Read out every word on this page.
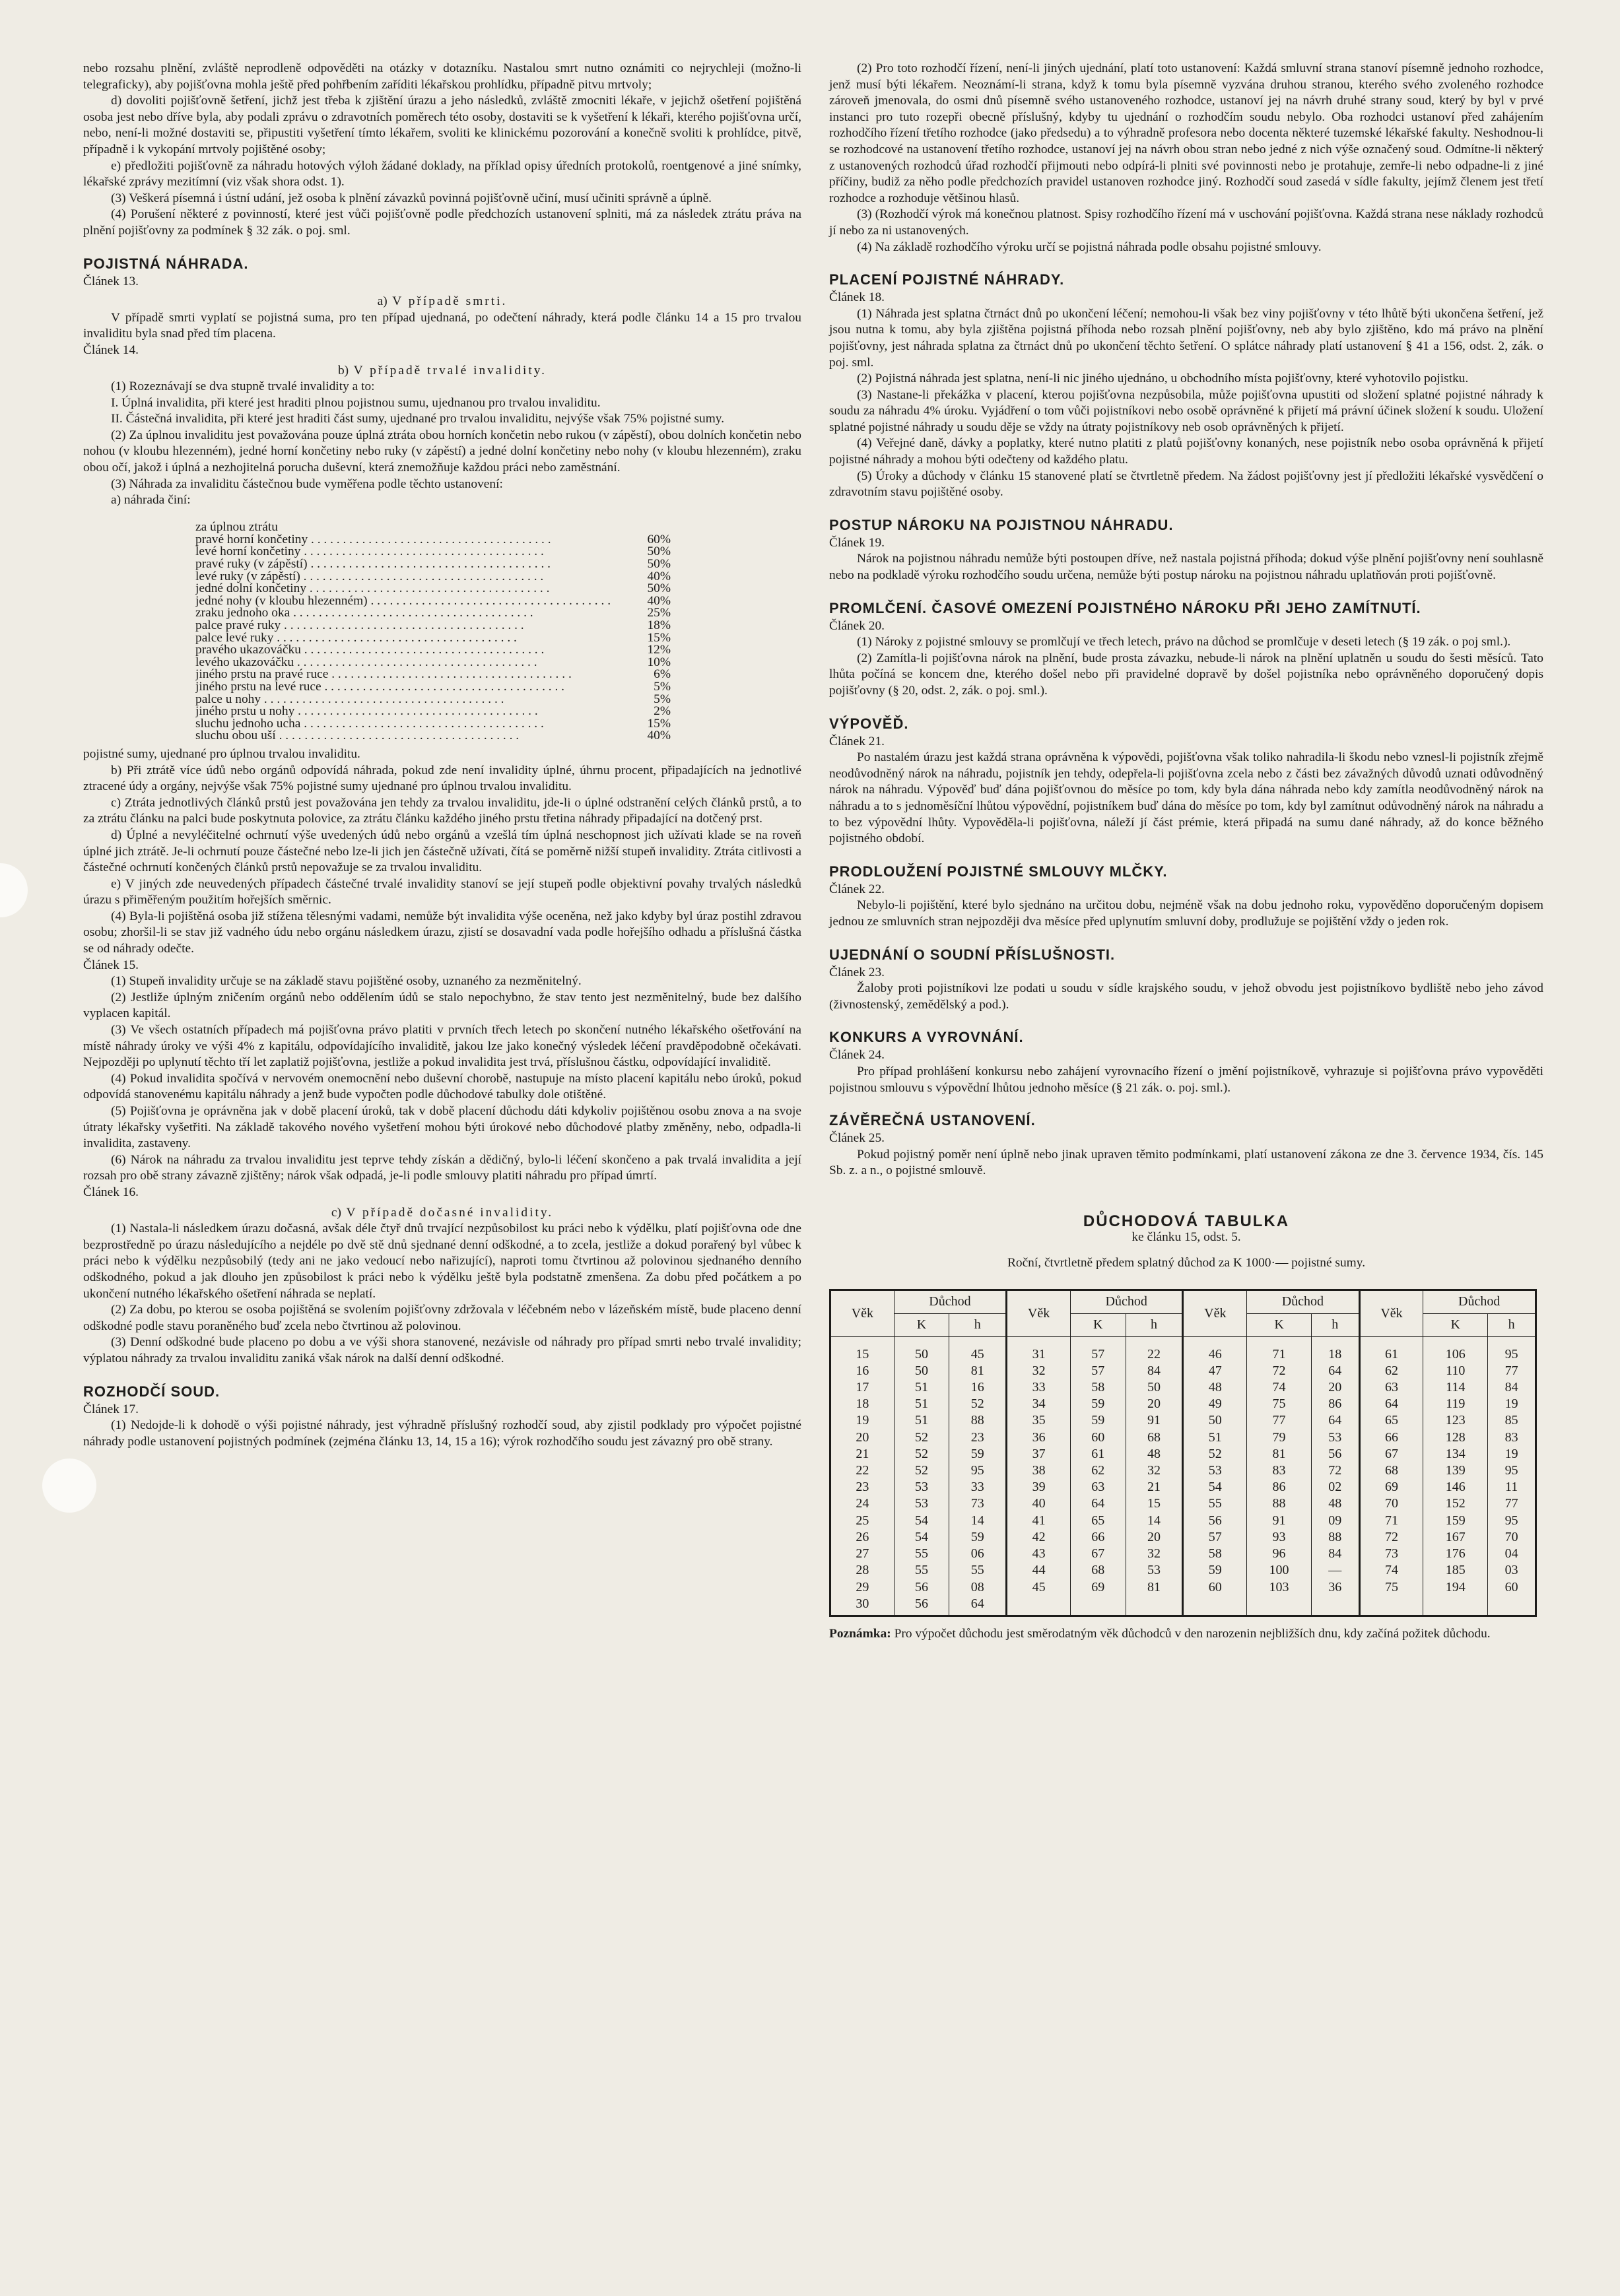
nebo rozsahu plnění, zvláště neprodleně odpověděti na otázky v dotazníku. Nastalou smrt nutno oznámiti co nejrychleji (možno-li telegraficky), aby pojišťovna mohla ještě před pohřbením zaříditi lékařskou prohlídku, případně pitvu mrtvoly;

d) dovoliti pojišťovně šetření, jichž jest třeba k zjištění úrazu a jeho následků, zvláště zmocniti lékaře, v jejichž ošetření pojištěná osoba jest nebo dříve byla, aby podali zprávu o zdravotních poměrech této osoby, dostaviti se k vyšetření k lékaři, kterého pojišťovna určí, nebo, není-li možné dostaviti se, připustiti vyšetření tímto lékařem, svoliti ke klinickému pozorování a konečně svoliti k prohlídce, pitvě, případně i k vykopání mrtvoly pojištěné osoby;

e) předložiti pojišťovně za náhradu hotových výloh žádané doklady, na příklad opisy úředních protokolů, roentgenové a jiné snímky, lékařské zprávy mezitímní (viz však shora odst. 1).

(3) Veškerá písemná i ústní udání, jež osoba k plnění závazků povinná pojišťovně učiní, musí učiniti správně a úplně.

(4) Porušení některé z povinností, které jest vůči pojišťovně podle předchozích ustanovení splniti, má za následek ztrátu práva na plnění pojišťovny za podmínek § 32 zák. o poj. sml.

POJISTNÁ NÁHRADA.

Článek 13.

a) V případě smrti.

V případě smrti vyplatí se pojistná suma, pro ten případ ujednaná, po odečtení náhrady, která podle článku 14 a 15 pro trvalou invaliditu byla snad před tím placena.

Článek 14.

b) V případě trvalé invalidity.

(1) Rozeznávají se dva stupně trvalé invalidity a to:

I. Úplná invalidita, při které jest hraditi plnou pojistnou sumu, ujednanou pro trvalou invaliditu.

II. Částečná invalidita, při které jest hraditi část sumy, ujednané pro trvalou invaliditu, nejvýše však 75% pojistné sumy.

(2) Za úplnou invaliditu jest považována pouze úplná ztráta obou horních končetin nebo rukou (v zápěstí), obou dolních končetin nebo nohou (v kloubu hlezenném), jedné horní končetiny nebo ruky (v zápěstí) a jedné dolní končetiny nebo nohy (v kloubu hlezenném), zraku obou očí, jakož i úplná a nezhojitelná porucha duševní, která znemožňuje každou práci nebo zaměstnání.

(3) Náhrada za invaliditu částečnou bude vyměřena podle těchto ustanovení:

a) náhrada činí:

za úplnou ztrátu
pravé horní končetiny . . .	60%
levé horní končetiny . . .	50%
pravé ruky (v zápěstí) . . .	50%
levé ruky (v zápěstí) . . .	40%
jedné dolní končetiny . . .	50%
jedné nohy (v kloubu hlezenném) . . .	40%
zraku jednoho oka . . .	25%
palce pravé ruky . . .	18%
palce levé ruky . . .	15%
pravého ukazováčku . . .	12%
levého ukazováčku . . .	10%
jiného prstu na pravé ruce . . .	6%
jiného prstu na levé ruce . . .	5%
palce u nohy . . .	5%
jiného prstu u nohy . . .	2%
sluchu jednoho ucha . . .	15%
sluchu obou uší . . .	40%

pojistné sumy, ujednané pro úplnou trvalou invaliditu.

b) Při ztrátě více údů nebo orgánů odpovídá náhrada, pokud zde není invalidity úplné, úhrnu procent, připadajících na jednotlivé ztracené údy a orgány, nejvýše však 75% pojistné sumy ujednané pro úplnou trvalou invaliditu.

c) Ztráta jednotlivých článků prstů jest považována jen tehdy za trvalou invaliditu, jde-li o úplné odstranění celých článků prstů, a to za ztrátu článku na palci bude poskytnuta polovice, za ztrátu článku každého jiného prstu třetina náhrady připadající na dotčený prst.

d) Úplné a nevyléčitelné ochrnutí výše uvedených údů nebo orgánů a vzešlá tím úplná neschopnost jich užívati klade se na roveň úplné jich ztrátě. Je-li ochrnutí pouze částečné nebo lze-li jich jen částečně užívati, čítá se poměrně nižší stupeň invalidity. Ztráta citlivosti a částečné ochrnutí končených článků prstů nepovažuje se za trvalou invaliditu.

e) V jiných zde neuvedených případech částečné trvalé invalidity stanoví se její stupeň podle objektivní povahy trvalých následků úrazu s přiměřeným použitím hořejších směrnic.

(4) Byla-li pojištěná osoba již stížena tělesnými vadami, nemůže být invalidita výše oceněna, než jako kdyby byl úraz postihl zdravou osobu; zhoršil-li se stav již vadného údu nebo orgánu následkem úrazu, zjistí se dosavadní vada podle hořejšího odhadu a příslušná částka se od náhrady odečte.

Článek 15.

(1) Stupeň invalidity určuje se na základě stavu pojištěné osoby, uznaného za nezměnitelný.

(2) Jestliže úplným zničením orgánů nebo oddělením údů se stalo nepochybno, že stav tento jest nezměnitelný, bude bez dalšího vyplacen kapitál.

(3) Ve všech ostatních případech má pojišťovna právo platiti v prvních třech letech po skončení nutného lékařského ošetřování na místě náhrady úroky ve výši 4% z kapitálu, odpovídajícího invaliditě, jakou lze jako konečný výsledek léčení pravděpodobně očekávati. Nejpozději po uplynutí těchto tří let zaplatiž pojišťovna, jestliže a pokud invalidita jest trvá, příslušnou částku, odpovídající invaliditě.

(4) Pokud invalidita spočívá v nervovém onemocnění nebo duševní chorobě, nastupuje na místo placení kapitálu nebo úroků, pokud odpovídá stanovenému kapitálu náhrady a jenž bude vypočten podle důchodové tabulky dole otištěné.

(5) Pojišťovna je oprávněna jak v době placení úroků, tak v době placení důchodu dáti kdykoliv pojištěnou osobu znova a na svoje útraty lékařsky vyšetřiti. Na základě takového nového vyšetření mohou býti úrokové nebo důchodové platby změněny, nebo, odpadla-li invalidita, zastaveny.

(6) Nárok na náhradu za trvalou invaliditu jest teprve tehdy získán a dědičný, bylo-li léčení skončeno a pak trvalá invalidita a její rozsah pro obě strany závazně zjištěny; nárok však odpadá, je-li podle smlouvy platiti náhradu pro případ úmrtí.

Článek 16.

c) V případě dočasné invalidity.

(1) Nastala-li následkem úrazu dočasná, avšak déle čtyř dnů trvající nezpůsobilost ku práci nebo k výdělku, platí pojišťovna ode dne bezprostředně po úrazu následujícího a nejdéle po dvě stě dnů sjednané denní odškodné, a to zcela, jestliže a dokud porařený byl vůbec k práci nebo k výdělku nezpůsobilý (tedy ani ne jako vedoucí nebo nařizující), naproti tomu čtvrtinou až polovinou sjednaného denního odškodného, pokud a jak dlouho jen způsobilost k práci nebo k výdělku ještě byla podstatně zmenšena. Za dobu před počátkem a po ukončení nutného lékařského ošetření náhrada se neplatí.

(2) Za dobu, po kterou se osoba pojištěná se svolením pojišťovny zdržovala v léčebném nebo v lázeňském místě, bude placeno denní odškodné podle stavu poraněného buď zcela nebo čtvrtinou až polovinou.

(3) Denní odškodné bude placeno po dobu a ve výši shora stanovené, nezávisle od náhrady pro případ smrti nebo trvalé invalidity; výplatou náhrady za trvalou invaliditu zaniká však nárok na další denní odškodné.

ROZHODČÍ SOUD.

Článek 17.

(1) Nedojde-li k dohodě o výši pojistné náhrady, jest výhradně příslušný rozhodčí soud, aby zjistil podklady pro výpočet pojistné náhrady podle ustanovení pojistných podmínek (zejména článku 13, 14, 15 a 16); výrok rozhodčího soudu jest závazný pro obě strany.

(2) Pro toto rozhodčí řízení, není-li jiných ujednání, platí toto ustanovení: Každá smluvní strana stanoví písemně jednoho rozhodce, jenž musí býti lékařem. Neoznámí-li strana, když k tomu byla písemně vyzvána druhou stranou, kterého svého zvoleného rozhodce zároveň jmenovala, do osmi dnů písemně svého ustanoveného rozhodce, ustanoví jej na návrh druhé strany soud, který by byl v prvé instanci pro tuto rozepři obecně příslušný, kdyby tu ujednání o rozhodčím soudu nebylo. Oba rozhodci ustanoví před zahájením rozhodčího řízení třetího rozhodce (jako předsedu) a to výhradně profesora nebo docenta některé tuzemské lékařské fakulty. Neshodnou-li se rozhodcové na ustanovení třetího rozhodce, ustanoví jej na návrh obou stran nebo jedné z nich výše označený soud. Odmítne-li některý z ustanovených rozhodců úřad rozhodčí přijmouti nebo odpírá-li plniti své povinnosti nebo je protahuje, zemře-li nebo odpadne-li z jiné příčiny, budiž za něho podle předchozích pravidel ustanoven rozhodce jiný. Rozhodčí soud zasedá v sídle fakulty, jejímž členem jest třetí rozhodce a rozhoduje většinou hlasů.

(3) (Rozhodčí výrok má konečnou platnost. Spisy rozhodčího řízení má v uschování pojišťovna. Každá strana nese náklady rozhodců jí nebo za ni ustanovených.

(4) Na základě rozhodčího výroku určí se pojistná náhrada podle obsahu pojistné smlouvy.

PLACENÍ POJISTNÉ NÁHRADY.

Článek 18.

(1) Náhrada jest splatna čtrnáct dnů po ukončení léčení; nemohou-li však bez viny pojišťovny v této lhůtě býti ukončena šetření, jež jsou nutna k tomu, aby byla zjištěna pojistná příhoda nebo rozsah plnění pojišťovny, neb aby bylo zjištěno, kdo má právo na plnění pojišťovny, jest náhrada splatna za čtrnáct dnů po ukončení těchto šetření. O splátce náhrady platí ustanovení § 41 a 156, odst. 2, zák. o poj. sml.

(2) Pojistná náhrada jest splatna, není-li nic jiného ujednáno, u obchodního místa pojišťovny, které vyhotovilo pojistku.

(3) Nastane-li překážka v placení, kterou pojišťovna nezpůsobila, může pojišťovna upustiti od složení splatné pojistné náhrady k soudu za náhradu 4% úroku. Vyjádření o tom vůči pojistníkovi nebo osobě oprávněné k přijetí má právní účinek složení k soudu. Uložení splatné pojistné náhrady u soudu děje se vždy na útraty pojistníkovy neb osob oprávněných k přijetí.

(4) Veřejné daně, dávky a poplatky, které nutno platiti z platů pojišťovny konaných, nese pojistník nebo osoba oprávněná k přijetí pojistné náhrady a mohou býti odečteny od každého platu.

(5) Úroky a důchody v článku 15 stanovené platí se čtvrtletně předem. Na žádost pojišťovny jest jí předložiti lékařské vysvědčení o zdravotním stavu pojištěné osoby.

POSTUP NÁROKU NA POJISTNOU NÁHRADU.

Článek 19.

Nárok na pojistnou náhradu nemůže býti postoupen dříve, než nastala pojistná příhoda; dokud výše plnění pojišťovny není souhlasně nebo na podkladě výroku rozhodčího soudu určena, nemůže býti postup nároku na pojistnou náhradu uplatňován proti pojišťovně.

PROMLČENÍ. ČASOVÉ OMEZENÍ POJISTNÉHO NÁROKU PŘI JEHO ZAMÍTNUTÍ.

Článek 20.

(1) Nároky z pojistné smlouvy se promlčují ve třech letech, právo na důchod se promlčuje v deseti letech (§ 19 zák. o poj sml.).

(2) Zamítla-li pojišťovna nárok na plnění, bude prosta závazku, nebude-li nárok na plnění uplatněn u soudu do šesti měsíců. Tato lhůta počíná se koncem dne, kterého došel nebo při pravidelné dopravě by došel pojistníka nebo oprávněného doporučený dopis pojišťovny (§ 20, odst. 2, zák. o poj. sml.).

VÝPOVĚĎ.

Článek 21.

Po nastalém úrazu jest každá strana oprávněna k výpovědi, pojišťovna však toliko nahradila-li škodu nebo vznesl-li pojistník zřejmě neodůvodněný nárok na náhradu, pojistník jen tehdy, odepřela-li pojišťovna zcela nebo z části bez závažných důvodů uznati odůvodněný nárok na náhradu. Výpověď buď dána pojišťovnou do měsíce po tom, kdy byla dána náhrada nebo kdy zamítla neodůvodněný nárok na náhradu a to s jednoměsíční lhůtou výpovědní, pojistníkem buď dána do měsíce po tom, kdy byl zamítnut odůvodněný nárok na náhradu a to bez výpovědní lhůty. Vypověděla-li pojišťovna, náleží jí část prémie, která připadá na sumu dané náhrady, až do konce běžného pojistného období.

PRODLOUŽENÍ POJISTNÉ SMLOUVY MLČKY.

Článek 22.

Nebylo-li pojištění, které bylo sjednáno na určitou dobu, nejméně však na dobu jednoho roku, vypověděno doporučeným dopisem jednou ze smluvních stran nejpozději dva měsíce před uplynutím smluvní doby, prodlužuje se pojištění vždy o jeden rok.

UJEDNÁNÍ O SOUDNÍ PŘÍSLUŠNOSTI.

Článek 23.

Žaloby proti pojistníkovi lze podati u soudu v sídle krajského soudu, v jehož obvodu jest pojistníkovo bydliště nebo jeho závod (živnostenský, zemědělský a pod.).

KONKURS A VYROVNÁNÍ.

Článek 24.

Pro případ prohlášení konkursu nebo zahájení vyrovnacího řízení o jmění pojistníkově, vyhrazuje si pojišťovna právo vypověděti pojistnou smlouvu s výpovědní lhůtou jednoho měsíce (§ 21 zák. o. poj. sml.).

ZÁVĚREČNÁ USTANOVENÍ.

Článek 25.

Pokud pojistný poměr není úplně nebo jinak upraven těmito podmínkami, platí ustanovení zákona ze dne 3. července 1934, čís. 145 Sb. z. a n., o pojistné smlouvě.

DŮCHODOVÁ TABULKA

ke článku 15, odst. 5.

Roční, čtvrtletně předem splatný důchod za K 1000·— pojistné sumy.

Věk	Důchod		Věk	Důchod		Věk	Důchod		Věk	Důchod	
	K	h		K	h		K	h		K	h
15	50	45	31	57	22	46	71	18	61	106	95
16	50	81	32	57	84	47	72	64	62	110	77
17	51	16	33	58	50	48	74	20	63	114	84
18	51	52	34	59	20	49	75	86	64	119	19
19	51	88	35	59	91	50	77	64	65	123	85
20	52	23	36	60	68	51	79	53	66	128	83
21	52	59	37	61	48	52	81	56	67	134	19
22	52	95	38	62	32	53	83	72	68	139	95
23	53	33	39	63	21	54	86	02	69	146	11
24	53	73	40	64	15	55	88	48	70	152	77
25	54	14	41	65	14	56	91	09	71	159	95
26	54	59	42	66	20	57	93	88	72	167	70
27	55	06	43	67	32	58	96	84	73	176	04
28	55	55	44	68	53	59	100	—	74	185	03
29	56	08	45	69	81	60	103	36	75	194	60
30	56	64									

Poznámka: Pro výpočet důchodu jest směrodatným věk důchodců v den narozenin nejbližších dnu, kdy začíná požitek důchodu.
